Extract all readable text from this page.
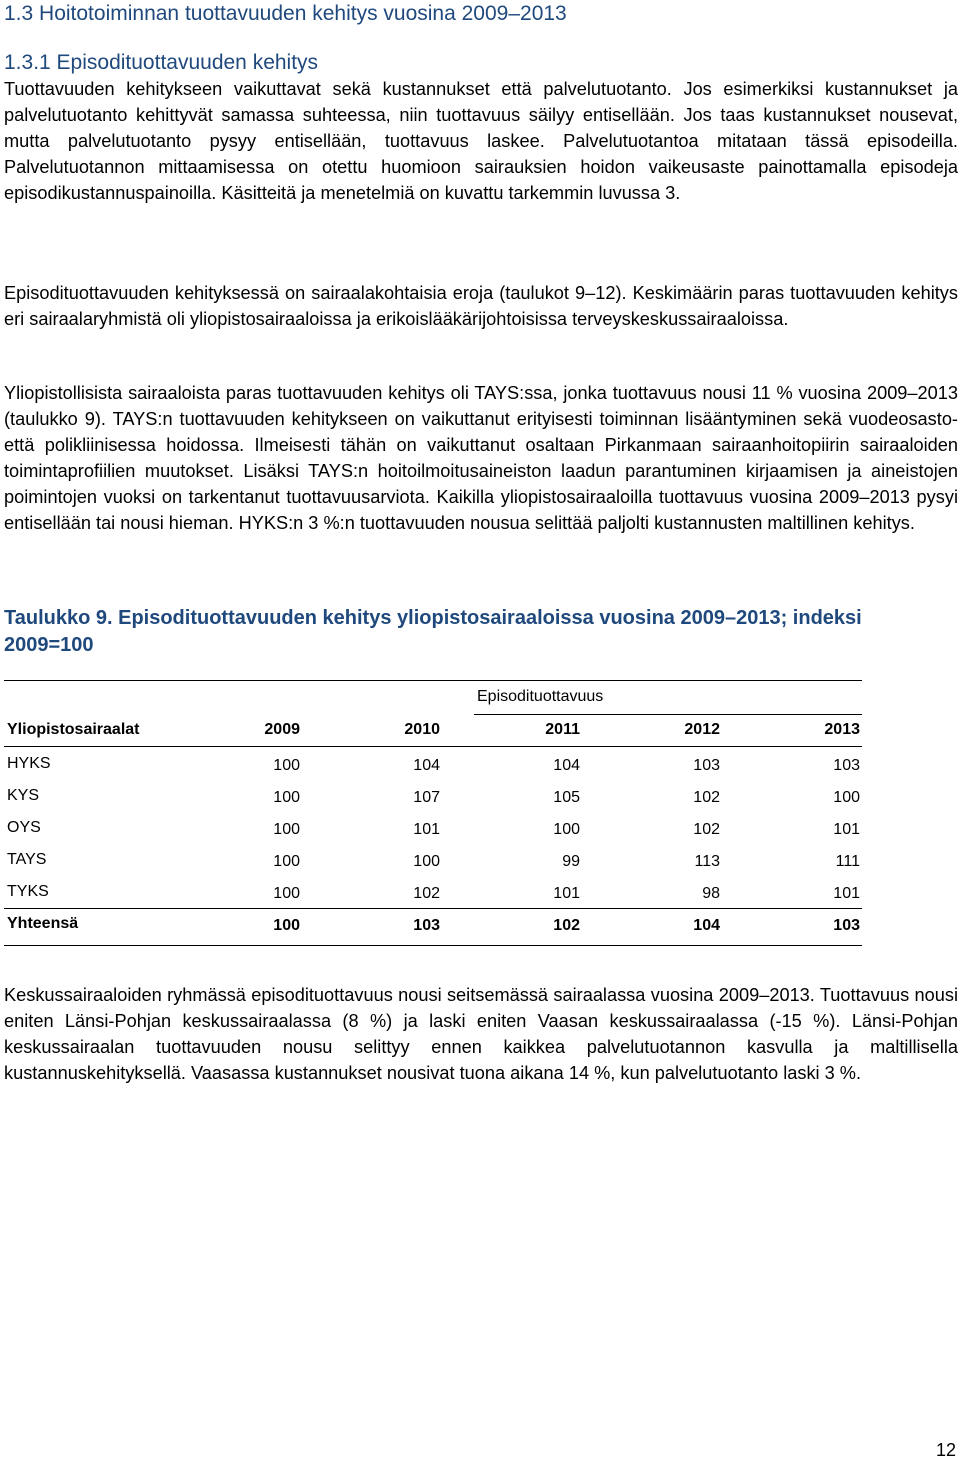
1.3 Hoitotoiminnan tuottavuuden kehitys vuosina 2009–2013
1.3.1 Episodituottavuuden kehitys

Tuottavuuden kehitykseen vaikuttavat sekä kustannukset että palvelutuotanto. Jos esimerkiksi kustannukset ja palvelutuotanto kehittyvät samassa suhteessa, niin tuottavuus säilyy entisellään. Jos taas kustannukset nousevat, mutta palvelutuotanto pysyy entisellään, tuottavuus laskee. Palvelutuotantoa mitataan tässä episodeilla. Palvelutuotannon mittaamisessa on otettu huomioon sairauksien hoidon vaikeusaste painottamalla episodeja episodikustannuspainoilla. Käsitteitä ja menetelmiä on kuvattu tarkemmin luvussa 3.

Episodituottavuuden kehityksessä on sairaalakohtaisia eroja (taulukot 9–12). Keskimäärin paras tuottavuuden kehitys eri sairaalaryhmistä oli yliopistosairaaloissa ja erikoislääkärijohtoisissa terveyskeskussairaaloissa.

Yliopistollisista sairaaloista paras tuottavuuden kehitys oli TAYS:ssa, jonka tuottavuus nousi 11 % vuosina 2009–2013 (taulukko 9). TAYS:n tuottavuuden kehitykseen on vaikuttanut erityisesti toiminnan lisääntyminen sekä vuodeosasto- että polikliinisessa hoidossa. Ilmeisesti tähän on vaikuttanut osaltaan Pirkanmaan sairaanhoitopiirin sairaaloiden toimintaprofiilien muutokset. Lisäksi TAYS:n hoitoilmoitusaineiston laadun parantuminen kirjaamisen ja aineistojen poimintojen vuoksi on tarkentanut tuottavuusarviota. Kaikilla yliopistosairaaloilla tuottavuus vuosina 2009–2013 pysyi entisellään tai nousi hieman. HYKS:n 3 %:n tuottavuuden nousua selittää paljolti kustannusten maltillinen kehitys.

Taulukko 9. Episodituottavuuden kehitys yliopistosairaaloissa vuosina 2009–2013; indeksi 2009=100

Episodituottavuus
Yliopistosairaalat	2009	2010	2011	2012	2013
HYKS	100	104	104	103	103
KYS	100	107	105	102	100
OYS	100	101	100	102	101
TAYS	100	100	99	113	111
TYKS	100	102	101	98	101
Yhteensä	100	103	102	104	103

Keskussairaaloiden ryhmässä episodituottavuus nousi seitsemässä sairaalassa vuosina 2009–2013. Tuottavuus nousi eniten Länsi-Pohjan keskussairaalassa (8 %) ja laski eniten Vaasan keskussairaalassa (-15 %). Länsi-Pohjan keskussairaalan tuottavuuden nousu selittyy ennen kaikkea palvelutuotannon kasvulla ja maltillisella kustannuskehityksellä. Vaasassa kustannukset nousivat tuona aikana 14 %, kun palvelutuotanto laski 3 %.

12
